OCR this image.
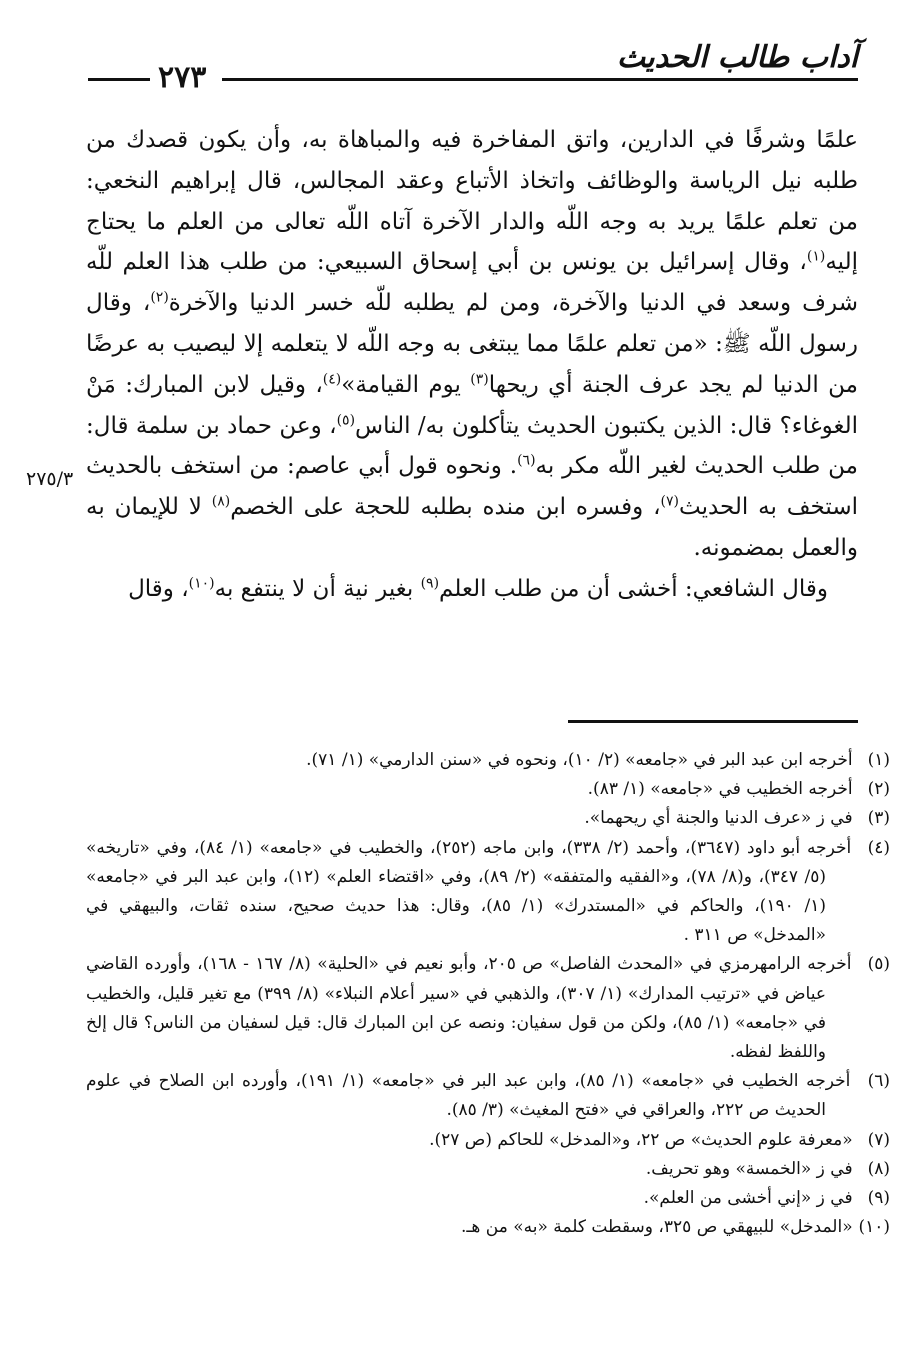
آداب طالب الحديث
٢٧٣
٢٧٥/٣

علمًا وشرفًا في الدارين، واتق المفاخرة فيه والمباهاة به، وأن يكون قصدك من طلبه نيل الرياسة والوظائف واتخاذ الأتباع وعقد المجالس، قال إبراهيم النخعي: من تعلم علمًا يريد به وجه اللّه والدار الآخرة آتاه اللّه تعالى من العلم ما يحتاج إليه$^{(١)}$، وقال إسرائيل بن يونس بن أبي إسحاق السبيعي: من طلب هذا العلم للّه شرف وسعد في الدنيا والآخرة، ومن لم يطلبه للّه خسر الدنيا والآخرة$^{(٢)}$، وقال رسول اللّه ﷺ: «من تعلم علمًا مما يبتغى به وجه اللّه لا يتعلمه إلا ليصيب به عرضًا من الدنيا لم يجد عرف الجنة أي ريحها$^{(٣)}$ يوم القيامة»$^{(٤)}$، وقيل لابن المبارك: مَنْ الغوغاء؟ قال: الذين يكتبون الحديث يتأكلون به/ الناس$^{(٥)}$، وعن حماد بن سلمة قال: من طلب الحديث لغير اللّه مكر به$^{(٦)}$. ونحوه قول أبي عاصم: من استخف بالحديث استخف به الحديث$^{(٧)}$، وفسره ابن منده بطلبه للحجة على الخصم$^{(٨)}$ لا للإيمان به والعمل بمضمونه.

وقال الشافعي: أخشى أن من طلب العلم$^{(٩)}$ بغير نية أن لا ينتفع به$^{(١٠)}$، وقال

(١) أخرجه ابن عبد البر في «جامعه» (٢/ ١٠)، ونحوه في «سنن الدارمي» (١/ ٧١).
(٢) أخرجه الخطيب في «جامعه» (١/ ٨٣).
(٣) في ز «عرف الدنيا والجنة أي ريحهما».
(٤) أخرجه أبو داود (٣٦٤٧)، وأحمد (٢/ ٣٣٨)، وابن ماجه (٢٥٢)، والخطيب في «جامعه» (١/ ٨٤)، وفي «تاريخه» (٥/ ٣٤٧)، و(٨/ ٧٨)، و«الفقيه والمتفقه» (٢/ ٨٩)، وفي «اقتضاء العلم» (١٢)، وابن عبد البر في «جامعه» (١/ ١٩٠)، والحاكم في «المستدرك» (١/ ٨٥)، وقال: هذا حديث صحيح، سنده ثقات، والبيهقي في «المدخل» ص ٣١١ .
(٥) أخرجه الرامهرمزي في «المحدث الفاصل» ص ٢٠٥، وأبو نعيم في «الحلية» (٨/ ١٦٧ - ١٦٨)، وأورده القاضي عياض في «ترتيب المدارك» (١/ ٣٠٧)، والذهبي في «سير أعلام النبلاء» (٨/ ٣٩٩) مع تغير قليل، والخطيب في «جامعه» (١/ ٨٥)، ولكن من قول سفيان: ونصه عن ابن المبارك قال: قيل لسفيان من الناس؟ قال إلخ واللفظ لفظه.
(٦) أخرجه الخطيب في «جامعه» (١/ ٨٥)، وابن عبد البر في «جامعه» (١/ ١٩١)، وأورده ابن الصلاح في علوم الحديث ص ٢٢٢، والعراقي في «فتح المغيث» (٣/ ٨٥).
(٧) «معرفة علوم الحديث» ص ٢٢، و«المدخل» للحاكم (ص ٢٧).
(٨) في ز «الخمسة» وهو تحريف.
(٩) في ز «إني أخشى من العلم».
(١٠) «المدخل» للبيهقي ص ٣٢٥، وسقطت كلمة «به» من هـ.
